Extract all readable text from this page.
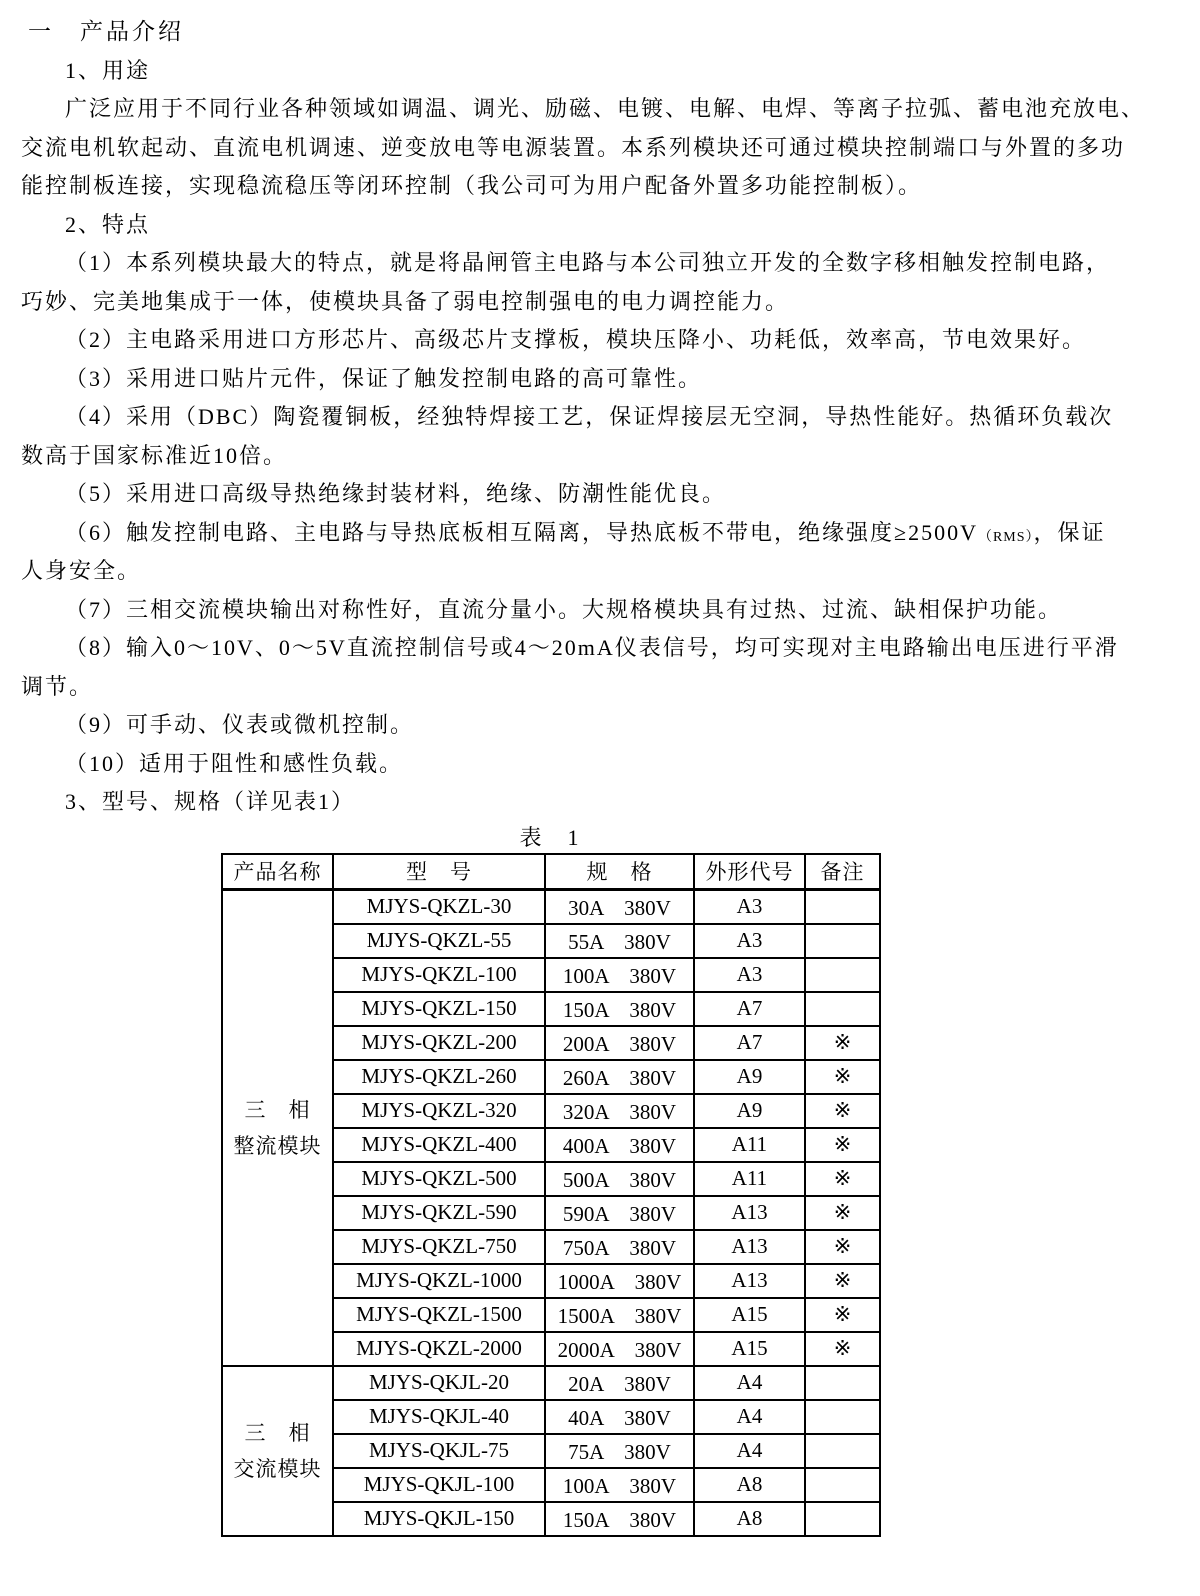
一　产品介绍
1、用途
广泛应用于不同行业各种领域如调温、调光、励磁、电镀、电解、电焊、等离子拉弧、蓄电池充放电、
交流电机软起动、直流电机调速、逆变放电等电源装置。本系列模块还可通过模块控制端口与外置的多功
能控制板连接，实现稳流稳压等闭环控制（我公司可为用户配备外置多功能控制板）。
2、特点
（1）本系列模块最大的特点，就是将晶闸管主电路与本公司独立开发的全数字移相触发控制电路，
巧妙、完美地集成于一体，使模块具备了弱电控制强电的电力调控能力。
（2）主电路采用进口方形芯片、高级芯片支撑板，模块压降小、功耗低，效率高，节电效果好。
（3）采用进口贴片元件，保证了触发控制电路的高可靠性。
（4）采用（DBC）陶瓷覆铜板，经独特焊接工艺，保证焊接层无空洞，导热性能好。热循环负载次
数高于国家标准近10倍。
（5）采用进口高级导热绝缘封装材料，绝缘、防潮性能优良。
（6）触发控制电路、主电路与导热底板相互隔离，导热底板不带电，绝缘强度≥2500V（RMS），保证
人身安全。
（7）三相交流模块输出对称性好，直流分量小。大规格模块具有过热、过流、缺相保护功能。
（8）输入0～10V、0～5V直流控制信号或4～20mA仪表信号，均可实现对主电路输出电压进行平滑
调节。
（9）可手动、仪表或微机控制。
（10）适用于阻性和感性负载。
3、型号、规格（详见表1）
表　1
产品名称	型　号	规　格	外形代号	备注

三　相
整流模块	MJYS-QKZL-30	30A　380V	A3	
	MJYS-QKZL-55	55A　380V	A3	
	MJYS-QKZL-100	100A　380V	A3	
	MJYS-QKZL-150	150A　380V	A7	
	MJYS-QKZL-200	200A　380V	A7	※
	MJYS-QKZL-260	260A　380V	A9	※
	MJYS-QKZL-320	320A　380V	A9	※
	MJYS-QKZL-400	400A　380V	A11	※
	MJYS-QKZL-500	500A　380V	A11	※
	MJYS-QKZL-590	590A　380V	A13	※
	MJYS-QKZL-750	750A　380V	A13	※
	MJYS-QKZL-1000	1000A　380V	A13	※
	MJYS-QKZL-1500	1500A　380V	A15	※
	MJYS-QKZL-2000	2000A　380V	A15	※

三　相
交流模块	MJYS-QKJL-20	20A　380V	A4	
	MJYS-QKJL-40	40A　380V	A4	
	MJYS-QKJL-75	75A　380V	A4	
	MJYS-QKJL-100	100A　380V	A8	
	MJYS-QKJL-150	150A　380V	A8	
